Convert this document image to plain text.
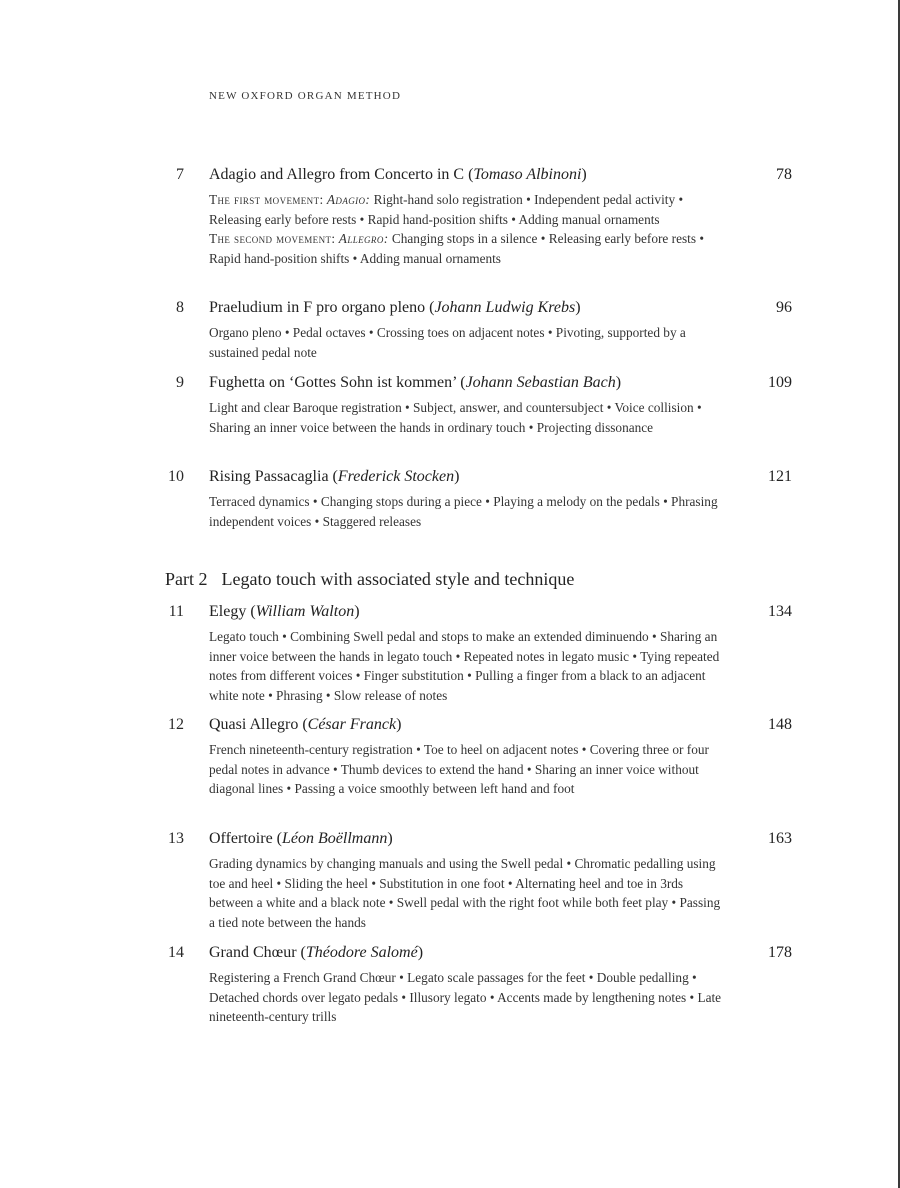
NEW OXFORD ORGAN METHOD
7 Adagio and Allegro from Concerto in C (Tomaso Albinoni)	78

The first movement: Adagio: Right-hand solo registration • Independent pedal activity • Releasing early before rests • Rapid hand-position shifts • Adding manual ornaments

The second movement: Allegro: Changing stops in a silence • Releasing early before rests • Rapid hand-position shifts • Adding manual ornaments

8 Praeludium in F pro organo pleno (Johann Ludwig Krebs)	96

Organo pleno • Pedal octaves • Crossing toes on adjacent notes • Pivoting, supported by a sustained pedal note

9 Fughetta on ‘Gottes Sohn ist kommen’ (Johann Sebastian Bach)	109

Light and clear Baroque registration • Subject, answer, and countersubject • Voice collision • Sharing an inner voice between the hands in ordinary touch • Projecting dissonance

10 Rising Passacaglia (Frederick Stocken)	121

Terraced dynamics • Changing stops during a piece • Playing a melody on the pedals • Phrasing independent voices • Staggered releases

Part 2 Legato touch with associated style and technique
11 Elegy (William Walton)	134

Legato touch • Combining Swell pedal and stops to make an extended diminuendo • Sharing an inner voice between the hands in legato touch • Repeated notes in legato music • Tying repeated notes from different voices • Finger substitution • Pulling a finger from a black to an adjacent white note • Phrasing • Slow release of notes

12 Quasi Allegro (César Franck)	148

French nineteenth-century registration • Toe to heel on adjacent notes • Covering three or four pedal notes in advance • Thumb devices to extend the hand • Sharing an inner voice without diagonal lines • Passing a voice smoothly between left hand and foot

13 Offertoire (Léon Boëllmann)	163

Grading dynamics by changing manuals and using the Swell pedal • Chromatic pedalling using toe and heel • Sliding the heel • Substitution in one foot • Alternating heel and toe in 3rds between a white and a black note • Swell pedal with the right foot while both feet play • Passing a tied note between the hands

14 Grand Chœur (Théodore Salomé)	178

Registering a French Grand Chœur • Legato scale passages for the feet • Double pedalling • Detached chords over legato pedals • Illusory legato • Accents made by lengthening notes • Late nineteenth-century trills
